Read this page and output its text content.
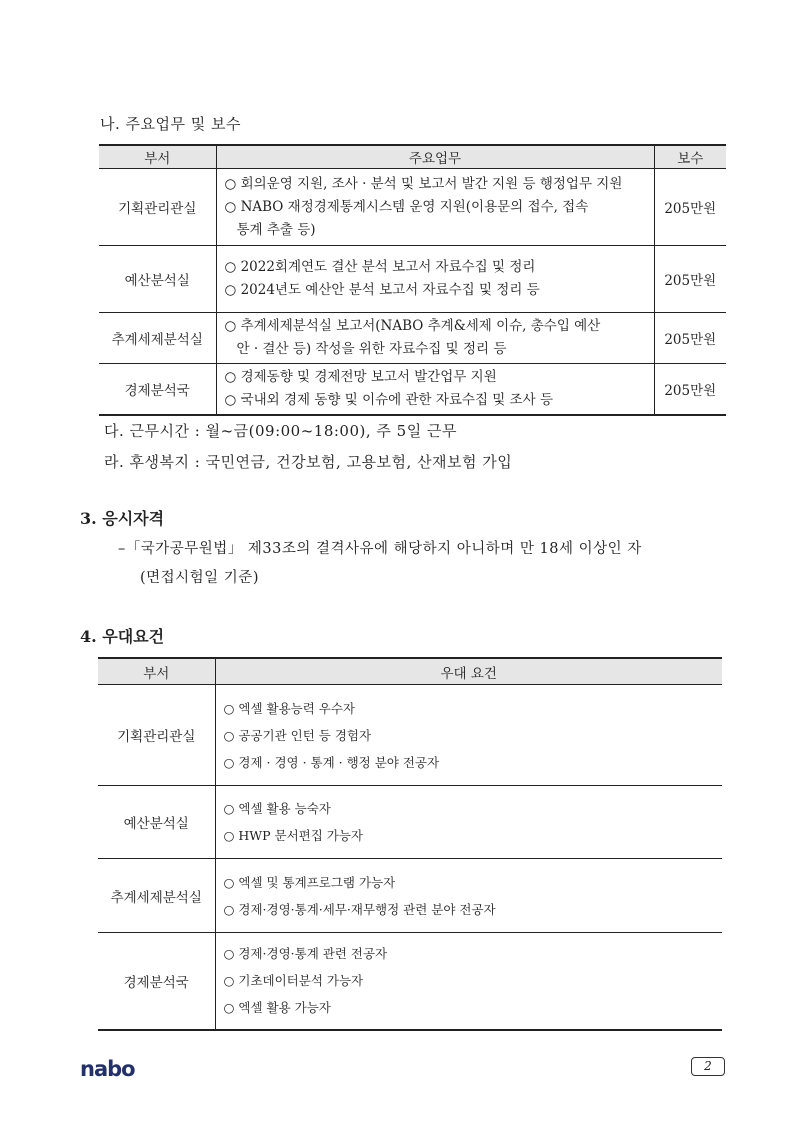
나. 주요업무 및 보수
부서	주요업무	보수
기획관리관실	○ 회의운영 지원, 조사 · 분석 및 보고서 발간 지원 등 행정업무 지원
○ NABO 재정경제통계시스템 운영 지원(이용문의 접수, 접속
통계 추출 등)	205만원
예산분석실	○ 2022회계연도 결산 분석 보고서 자료수집 및 정리
○ 2024년도 예산안 분석 보고서 자료수집 및 정리 등	205만원
추계세제분석실	○ 추계세제분석실 보고서(NABO 추계&세제 이슈, 총수입 예산
안 · 결산 등) 작성을 위한 자료수집 및 정리 등	205만원
경제분석국	○ 경제동향 및 경제전망 보고서 발간업무 지원
○ 국내외 경제 동향 및 이슈에 관한 자료수집 및 조사 등	205만원
다. 근무시간 : 월~금(09:00~18:00), 주 5일 근무
라. 후생복지 : 국민연금, 건강보험, 고용보험, 산재보험 가입
3. 응시자격
–「국가공무원법」 제33조의 결격사유에 해당하지 아니하며 만 18세 이상인 자
(면접시험일 기준)
4. 우대요건
부서	우대 요건
기획관리관실	○ 엑셀 활용능력 우수자
○ 공공기관 인턴 등 경험자
○ 경제 · 경영 · 통계 · 행정 분야 전공자

예산분석실	○ 엑셀 활용 능숙자
○ HWP 문서편집 가능자

추계세제분석실	○ 엑셀 및 통계프로그램 가능자
○ 경제·경영·통계·세무·재무행정 관련 분야 전공자

경제분석국	○ 경제·경영·통계 관련 전공자
○ 기초데이터분석 가능자
○ 엑셀 활용 가능자
nabo	2
